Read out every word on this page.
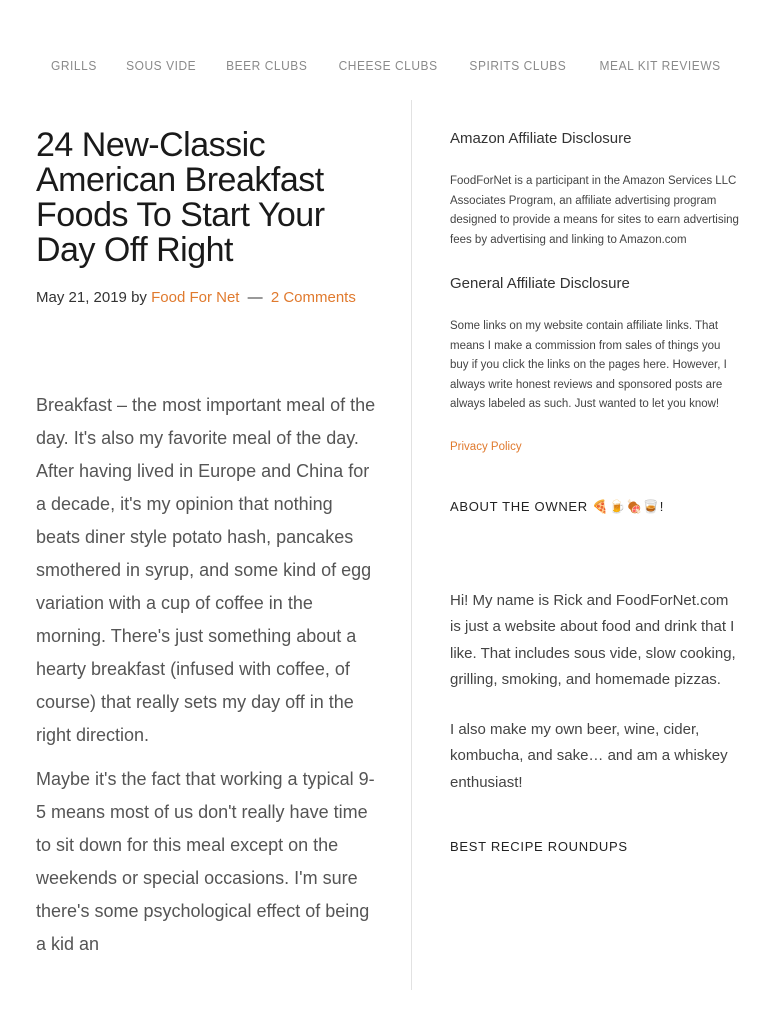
GRILLS SOUS VIDE BEER CLUBS CHEESE CLUBS SPIRITS CLUBS	MEAL KIT REVIEWS
24 New-Classic American Breakfast Foods To Start Your Day Off Right
May 21, 2019 by Food For Net — 2 Comments

Breakfast – the most important meal of the day. It's also my favorite meal of the day. After having lived in Europe and China for a decade, it's my opinion that nothing beats diner style potato hash, pancakes smothered in syrup, and some kind of egg variation with a cup of coffee in the morning. There's just something about a hearty breakfast (infused with coffee, of course) that really sets my day off in the right direction.

Maybe it's the fact that working a typical 9-5 means most of us don't really have time to sit down for this meal except on the weekends or special occasions. I'm sure there's some psychological effect of being a kid an

Amazon Affiliate Disclosure

FoodForNet is a participant in the Amazon Services LLC Associates Program, an affiliate advertising program designed to provide a means for sites to earn advertising fees by advertising and linking to Amazon.com

General Affiliate Disclosure

Some links on my website contain affiliate links. That means I make a commission from sales of things you buy if you click the links on the pages here. However, I always write honest reviews and sponsored posts are always labeled as such. Just wanted to let you know!

Privacy Policy
ABOUT THE OWNER 🍕🍺🍖🥃!

Hi! My name is Rick and FoodForNet.com is just a website about food and drink that I like. That includes sous vide, slow cooking, grilling, smoking, and homemade pizzas.

I also make my own beer, wine, cider, kombucha, and sake… and am a whiskey enthusiast!

BEST RECIPE ROUNDUPS
